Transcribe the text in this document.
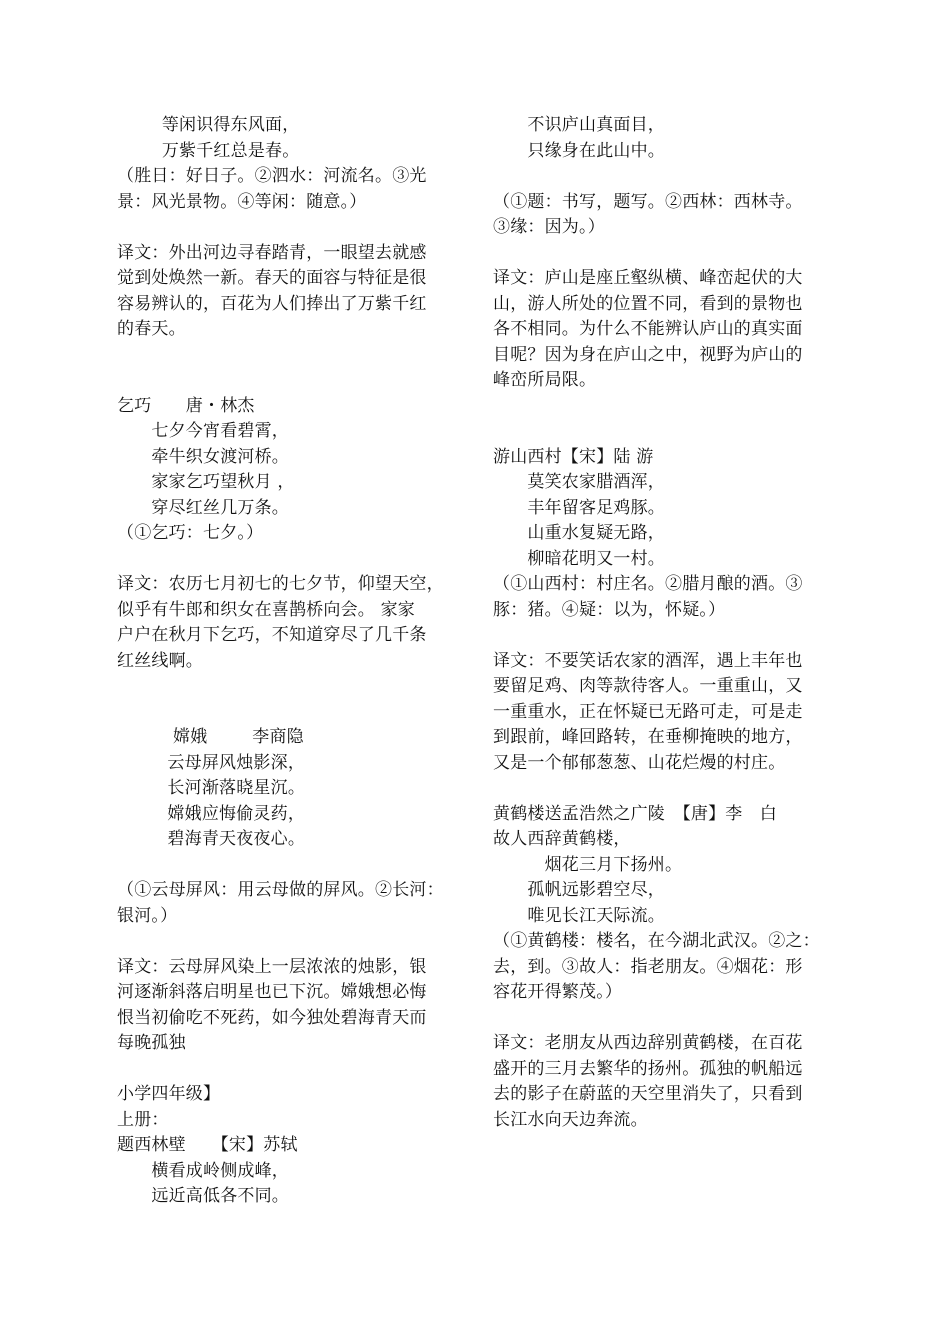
等闲识得东风面，
万紫千红总是春。
（胜日：好日子。②泗水：河流名。③光
景：风光景物。④等闲：随意。）
译文：外出河边寻春踏青，一眼望去就感
觉到处焕然一新。春天的面容与特征是很
容易辨认的，百花为人们捧出了万紫千红
的春天。
乞巧　　唐・林杰
　　七夕今宵看碧霄，
　　牵牛织女渡河桥。
　　家家乞巧望秋月 ，
　　穿尽红丝几万条。
（①乞巧：七夕。）
译文：农历七月初七的七夕节，仰望天空，
似乎有牛郎和织女在喜鹊桥向会。 家家
户户在秋月下乞巧，不知道穿尽了几千条
红丝线啊。
嫦娥        李商隐
云母屏风烛影深，
长河渐落晓星沉。
嫦娥应悔偷灵药，
碧海青天夜夜心。
（①云母屏风：用云母做的屏风。②长河：
银河。）
译文：云母屏风染上一层浓浓的烛影，银
河逐渐斜落启明星也已下沉。嫦娥想必悔
恨当初偷吃不死药，如今独处碧海青天而
每晚孤独
小学四年级】
上册：
题西林壁　　【宋】苏轼
　　横看成岭侧成峰，
　　远近高低各不同。
　　不识庐山真面目，
　　只缘身在此山中。
（①题：书写，题写。②西林：西林寺。
③缘：因为。）
译文：庐山是座丘壑纵横、峰峦起伏的大
山，游人所处的位置不同，看到的景物也
各不相同。为什么不能辨认庐山的真实面
目呢？因为身在庐山之中，视野为庐山的
峰峦所局限。
游山西村【宋】陆 游
　　莫笑农家腊酒浑，
　　丰年留客足鸡豚。
　　山重水复疑无路，
　　柳暗花明又一村。
（①山西村：村庄名。②腊月酿的酒。③
豚：猪。④疑：以为，怀疑。）
译文：不要笑话农家的酒浑，遇上丰年也
要留足鸡、肉等款待客人。一重重山，又
一重重水，正在怀疑已无路可走，可是走
到跟前，峰回路转，在垂柳掩映的地方，
又是一个郁郁葱葱、山花烂熳的村庄。
黄鹤楼送孟浩然之广陵　【唐】李　白
故人西辞黄鹤楼，
　　　烟花三月下扬州。
　　孤帆远影碧空尽，
　　唯见长江天际流。
（①黄鹤楼：楼名，在今湖北武汉。②之：
去，到。③故人：指老朋友。④烟花：形
容花开得繁茂。）
译文：老朋友从西边辞别黄鹤楼，在百花
盛开的三月去繁华的扬州。孤独的帆船远
去的影子在蔚蓝的天空里消失了，只看到
长江水向天边奔流。
